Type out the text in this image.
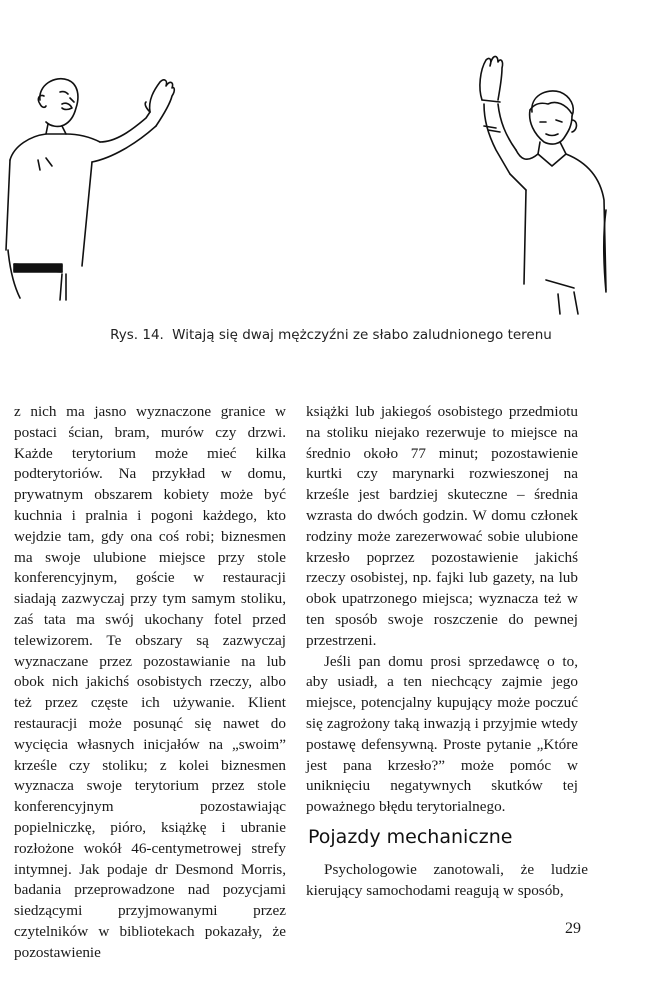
Rys. 14. Witają się dwaj mężczyźni ze słabo zaludnionego terenu

z nich ma jasno wyznaczone granice w postaci ścian, bram, murów czy drzwi. Każde terytorium może mieć kilka podterytoriów. Na przykład w domu, prywatnym obszarem kobiety może być kuchnia i pralnia i pogoni każdego, kto wejdzie tam, gdy ona coś robi; biznesmen ma swoje ulubione miejsce przy stole konferencyjnym, goście w restauracji siadają zazwyczaj przy tym samym stoliku, zaś tata ma swój ukochany fotel przed telewizorem. Te obszary są zazwyczaj wyznaczane przez pozostawianie na lub obok nich jakichś osobistych rzeczy, albo też przez częste ich używanie. Klient restauracji może posunąć się nawet do wycięcia własnych inicjałów na „swoim” krześle czy stoliku; z kolei biznesmen wyznacza swoje terytorium przez stole konferencyjnym pozostawiając popielniczkę, pióro, książkę i ubranie rozłożone wokół 46-centymetrowej strefy intymnej. Jak podaje dr Desmond Morris, badania przeprowadzone nad pozycjami siedzącymi przyjmowanymi przez czytelników w bibliotekach pokazały, że pozostawienie

książki lub jakiegoś osobistego przedmiotu na stoliku niejako rezerwuje to miejsce na średnio około 77 minut; pozostawienie kurtki czy marynarki rozwieszonej na krześle jest bardziej skuteczne – średnia wzrasta do dwóch godzin. W domu członek rodziny może zarezerwować sobie ulubione krzesło poprzez pozostawienie jakichś rzeczy osobistej, np. fajki lub gazety, na lub obok upatrzonego miejsca; wyznacza też w ten sposób swoje roszczenie do pewnej przestrzeni.

Jeśli pan domu prosi sprzedawcę o to, aby usiadł, a ten niechcący zajmie jego miejsce, potencjalny kupujący może poczuć się zagrożony taką inwazją i przyjmie wtedy postawę defensywną. Proste pytanie „Które jest pana krzesło?” może pomóc w uniknięciu negatywnych skutków tej poważnego błędu terytorialnego.

Pojazdy mechaniczne

Psychologowie zanotowali, że ludzie kierujący samochodami reagują w sposób,

29
